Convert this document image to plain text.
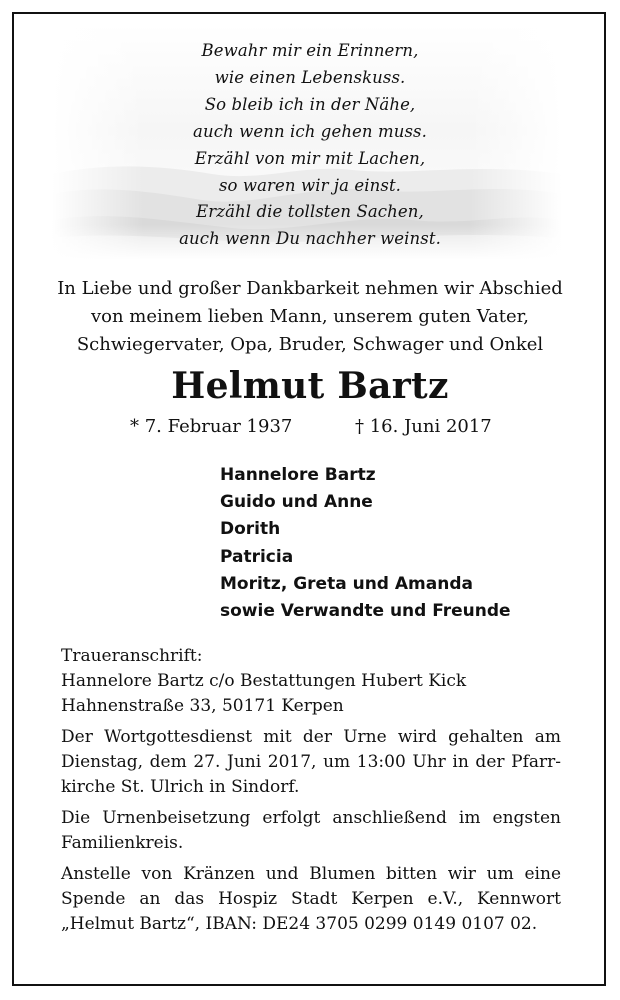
Bewahr mir ein Erinnern,
wie einen Lebenskuss.
So bleib ich in der Nähe,
auch wenn ich gehen muss.
Erzähl von mir mit Lachen,
so waren wir ja einst.
Erzähl die tollsten Sachen,
auch wenn Du nachher weinst.
In Liebe und großer Dankbarkeit nehmen wir Abschied
von meinem lieben Mann, unserem guten Vater,
Schwiegervater, Opa, Bruder, Schwager und Onkel
Helmut Bartz
* 7. Februar 1937	† 16. Juni 2017
Hannelore Bartz
Guido und Anne
Dorith
Patricia
Moritz, Greta und Amanda
sowie Verwandte und Freunde
Traueranschrift:
Hannelore Bartz c/o Bestattungen Hubert Kick
Hahnenstraße 33, 50171 Kerpen
Der Wortgottesdienst mit der Urne wird gehalten am
Dienstag, dem 27. Juni 2017, um 13:00 Uhr in der Pfarr-
kirche St. Ulrich in Sindorf.
Die Urnenbeisetzung erfolgt anschließend im engsten
Familienkreis.
Anstelle von Kränzen und Blumen bitten wir um eine
Spende an das Hospiz Stadt Kerpen e.V., Kennwort
„Helmut Bartz“, IBAN: DE24 3705 0299 0149 0107 02.
